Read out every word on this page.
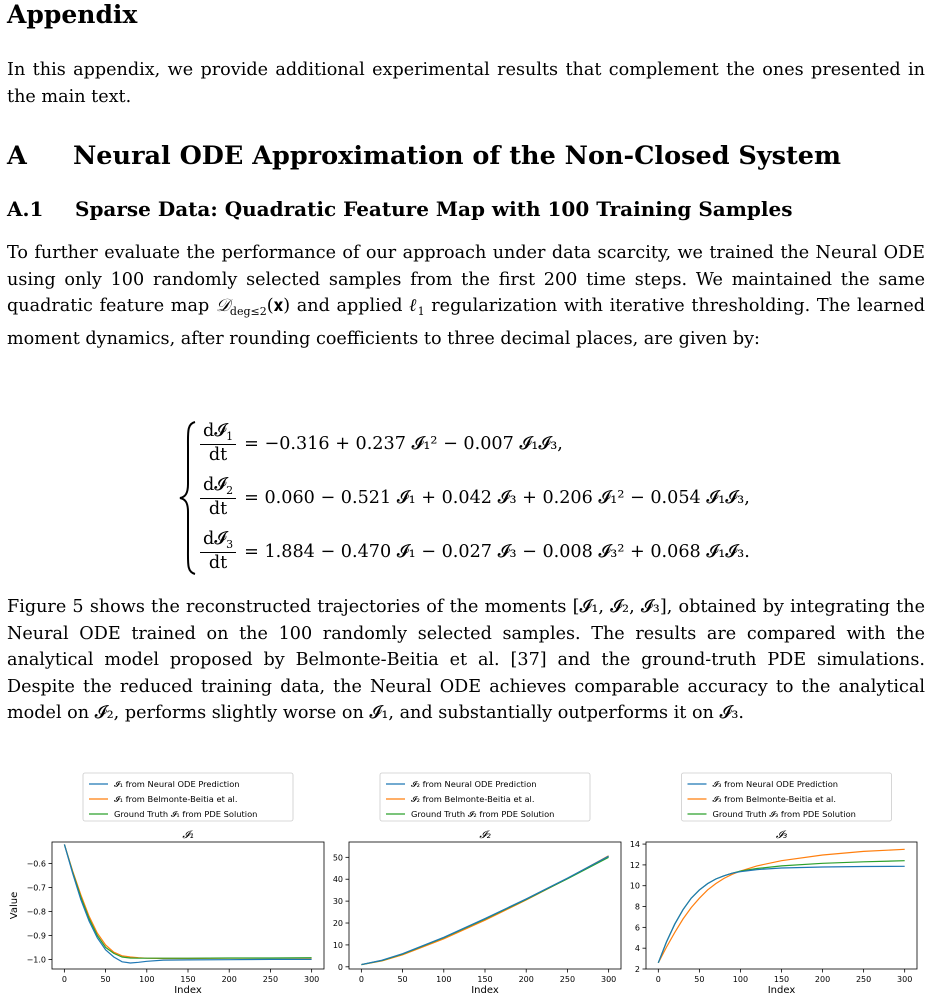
Appendix

In this appendix, we provide additional experimental results that complement the ones presented in the main text.

A Neural ODE Approximation of the Non-Closed System
A.1 Sparse Data: Quadratic Feature Map with 100 Training Samples

To further evaluate the performance of our approach under data scarcity, we trained the Neural ODE using only 100 randomly selected samples from the first 200 time steps. We maintained the same quadratic feature map 𝒟$_{deg\le 2}$(𝐱) and applied ℓ$_1$ regularization with iterative thresholding. The learned moment dynamics, after rounding coefficients to three decimal places, are given by:

$\frac{d𝓘_1}{dt} = -0.316 + 0.237$ 𝓘₁² − 0.007 𝓘₁𝓘₃,
$\frac{d𝓘_2}{dt} = 0.060 - 0.521$ 𝓘₁ + 0.042 𝓘₃ + 0.206 𝓘₁² − 0.054 𝓘₁𝓘₃,
$\frac{d𝓘_3}{dt} = 1.884 - 0.470$ 𝓘₁ − 0.027 𝓘₃ − 0.008 𝓘₃² + 0.068 𝓘₁𝓘₃.

Figure 5 shows the reconstructed trajectories of the moments [𝓘₁, 𝓘₂, 𝓘₃], obtained by integrating the Neural ODE trained on the 100 randomly selected samples. The results are compared with the analytical model proposed by Belmonte-Beitia et al. [37] and the ground-truth PDE simulations. Despite the reduced training data, the Neural ODE achieves comparable accuracy to the analytical model on 𝓘₂, performs slightly worse on 𝓘₁, and substantially outperforms it on 𝓘₃.

𝓘₁
0	50	100	150	200	250	300
−1.0
−0.9
−0.8
−0.7
−0.6
Index
Value
𝓘₁ from Neural ODE Prediction
𝓘₁ from Belmonte-Beitia et al.
Ground Truth 𝓘₁ from PDE Solution
𝓘₂
0	50	100	150	200	250	300
0
10
20
30
40
50
Index
𝓘₂ from Neural ODE Prediction
𝓘₂ from Belmonte-Beitia et al.
Ground Truth 𝓘₂ from PDE Solution
𝓘₃
0	50	100	150	200	250	300
2
4
6
8
10
12
14
Index
𝓘₃ from Neural ODE Prediction
𝓘₃ from Belmonte-Beitia et al.
Ground Truth 𝓘₃ from PDE Solution
